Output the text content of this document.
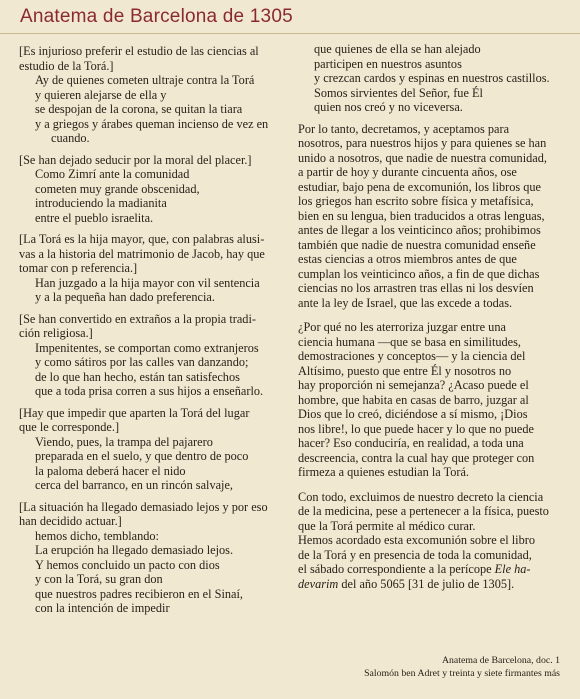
Anatema de Barcelona de 1305
[Es injurioso preferir el estudio de las ciencias al
estudio de la Torá.]
Ay de quienes cometen ultraje contra la Torá
y quieren alejarse de ella y
se despojan de la corona, se quitan la tiara
y a griegos y árabes queman incienso de vez en
cuando.
[Se han dejado seducir por la moral del placer.]
Como Zimrí ante la comunidad
cometen muy grande obscenidad,
introduciendo la madianita
entre el pueblo israelita.
[La Torá es la hija mayor, que, con palabras alusi-
vas a la historia del matrimonio de Jacob, hay que
tomar con p referencia.]
Han juzgado a la hija mayor con vil sentencia
y a la pequeña han dado preferencia.
[Se han convertido en extraños a la propia tradi-
ción religiosa.]
Impenitentes, se comportan como extranjeros
y como sátiros por las calles van danzando;
de lo que han hecho, están tan satisfechos
que a toda prisa corren a sus hijos a enseñarlo.
[Hay que impedir que aparten la Torá del lugar
que le corresponde.]
Viendo, pues, la trampa del pajarero
preparada en el suelo, y que dentro de poco
la paloma deberá hacer el nido
cerca del barranco, en un rincón salvaje,
[La situación ha llegado demasiado lejos y por eso
han decidido actuar.]
hemos dicho, temblando:
La erupción ha llegado demasiado lejos.
Y hemos concluido un pacto con dios
y con la Torá, su gran don
que nuestros padres recibieron en el Sinaí,
con la intención de impedir
que quienes de ella se han alejado
participen en nuestros asuntos
y crezcan cardos y espinas en nuestros castillos.
Somos sirvientes del Señor, fue Él
quien nos creó y no viceversa.
Por lo tanto, decretamos, y aceptamos para
nosotros, para nuestros hijos y para quienes se han
unido a nosotros, que nadie de nuestra comunidad,
a partir de hoy y durante cincuenta años, ose
estudiar, bajo pena de excomunión, los libros que
los griegos han escrito sobre física y metafísica,
bien en su lengua, bien traducidos a otras lenguas,
antes de llegar a los veinticinco años; prohibimos
también que nadie de nuestra comunidad enseñe
estas ciencias a otros miembros antes de que
cumplan los veinticinco años, a fin de que dichas
ciencias no los arrastren tras ellas ni los desvíen
ante la ley de Israel, que las excede a todas.
¿Por qué no les aterroriza juzgar entre una
ciencia humana —que se basa en similitudes,
demostraciones y conceptos— y la ciencia del
Altísimo, puesto que entre Él y nosotros no
hay proporción ni semejanza? ¿Acaso puede el
hombre, que habita en casas de barro, juzgar al
Dios que lo creó, diciéndose a sí mismo, ¡Dios
nos libre!, lo que puede hacer y lo que no puede
hacer? Eso conduciría, en realidad, a toda una
descreencia, contra la cual hay que proteger con
firmeza a quienes estudian la Torá.
Con todo, excluimos de nuestro decreto la ciencia
de la medicina, pese a pertenecer a la física, puesto
que la Torá permite al médico curar.
Hemos acordado esta excomunión sobre el libro
de la Torá y en presencia de toda la comunidad,
el sábado correspondiente a la perícope Ele ha-
devarim del año 5065 [31 de julio de 1305].
Anatema de Barcelona, doc. 1
Salomón ben Adret y treinta y siete firmantes más
